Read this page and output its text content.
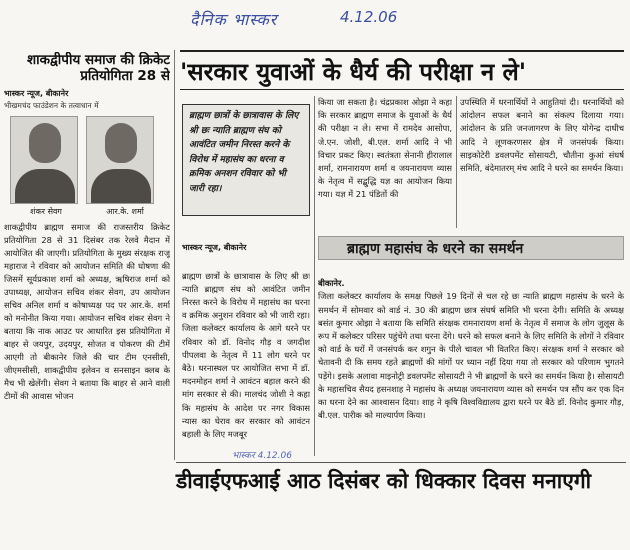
दैनिक भास्कर	4.12.06
शाकद्वीपीय समाज की क्रिकेट प्रतियोगिता 28 से
भास्कर न्यूज, बीकानेर
भीखमचंद फाउंडेशन के तत्वाधान में
शंकर सेवग	आर.के. शर्मा
शाकद्वीपीय ब्राह्मण समाज की राजस्तरीय क्रिकेट प्रतियोगिता 28 से 31 दिसंबर तक रेलवे मैदान में आयोजित की जाएगी। प्रतियोगिता के मुख्य संरक्षक राजू महाराज ने रविवार को आयोजन समिति की घोषणा की जिसमें सूर्यप्रकाश शर्मा को अध्यक्ष, ऋषिराज शर्मा को उपाध्यक्ष, आयोजन सचिव शंकर सेवग, उप आयोजन सचिव अनिल शर्मा व कोषाध्यक्ष पद पर आर.के. शर्मा को मनोनीत किया गया। आयोजन सचिव शंकर सेवग ने बताया कि नाक आउट पर आधारित इस प्रतियोगिता में बाहर से जयपुर, उदयपुर, सोजत व पोकरण की टीमें आएगी तो बीकानेर जिले की चार टीम एनसीसी, जीएमसीसी, शाकद्वीपीय इलेवन व सनसाइन क्लब के मैच भी खेलेंगी। सेवग ने बताया कि बाहर से आने वाली टीमों की आवास भोजन
'सरकार युवाओं के धैर्य की परीक्षा न ले'
ब्राह्मण छात्रों के छात्रावास के लिए श्री छः न्याति ब्राह्मण संघ को आवंटित जमीन निरस्त करने के विरोध में महासंघ का धरना व क्रमिक अनशन रविवार को भी जारी रहा।

भास्कर न्यूज, बीकानेर

ब्राह्मण छात्रों के छात्रावास के लिए श्री छः न्याति ब्राह्मण संघ को आवंटित जमीन निरस्त करने के विरोध में महासंघ का धरना व क्रमिक अनुशन रविवार को भी जारी रहा। जिला कलेक्टर कार्यालय के आगे धरने पर रविवार को डॉ. विनोद गौड़ व जगदीश पीपलवा के नेतृत्व में 11 लोग धरने पर बैठे। धरनास्थल पर आयोजित सभा में डॉ. मदनमोहन शर्मा ने आवंटन बहाल करने की मांग सरकार से की। मालचंद जोशी ने कहा कि महासंघ के आदेश पर नगर विकास न्यास का घेराव कर सरकार को आवंटन बहाली के लिए मजबूर

किया जा सकता है। चंद्रप्रकाश ओझा ने कहा कि सरकार ब्राह्मण समाज के युवाओं के धैर्य की परीक्षा न ले। सभा में रामदेव आसोपा, जे.एन. जोशी, बी.एल. शर्मा आदि ने भी विचार प्रकट किए। स्वतंत्रता सेनानी हीरालाल शर्मा, रामनारायण शर्मा व जयनारायण व्यास के नेतृत्व में सद्बुद्धि यज्ञ का आयोजन किया गया। यज्ञ में 21 पंडितों की
उपस्थिति में धरनार्थियों ने आहुतियां दी। धरनार्थियों को आंदोलन सफल बनाने का संकल्प दिलाया गया। आंदोलन के प्रति जनजागरण के लिए योगेन्द्र दाधीच आदि ने लूणकरणसर क्षेत्र में जनसंपर्क किया। साइकोटेरी डवलपमेंट सोसायटी, चौतीना कुआं संघर्ष समिति, बंदेमातरम् मंच आदि ने धरने का समर्थन किया।
ब्राह्मण महासंघ के धरने का समर्थन

बीकानेर.
जिला कलेक्टर कार्यालय के समक्ष पिछले 19 दिनों से चल रहे छः न्याति ब्राह्मण महासंघ के धरने के समर्थन में सोमवार को वार्ड नं. 30 की ब्राह्मण छात्र संघर्ष समिति भी धरना देगी। समिति के अध्यक्ष बसंत कुमार ओझा ने बताया कि समिति संरक्षक रामनारायण शर्मा के नेतृत्व में समाज के लोग जुलूस के रूप में कलेक्टर परिसर पहुंचेंगे तथा धरना देंगे। धरने को सफल बनाने के लिए समिति के लोगों ने रविवार को वार्ड के घरों में जनसंपर्क कर शगुन के पीले चावल भी वितरित किए। संरक्षक शर्मा ने सरकार को चेतावनी दी कि समय रहते ब्राह्मणों की मांगों पर ध्यान नहीं दिया गया तो सरकार को परिणाम भुगतने पड़ेंगे। इसके अलावा माइनोट्री डवलपमेंट सोसायटी ने भी ब्राह्मणों के धरने का समर्थन किया है। सोसायटी के महासचिव सैयद हसनशाह ने महासंघ के अध्यक्ष जयनारायण व्यास को समर्थन पत्र सौंप कर एक दिन का धरना देने का आश्वासन दिया। शाह ने कृषि विश्वविद्यालय द्वारा धरने पर बैठे डॉ. विनोद कुमार गौड़, बी.एल. पारीक को माल्यार्पण किया।

भास्कर 4.12.06
डीवाईएफआई आठ दिसंबर को धिक्कार दिवस मनाएगी
